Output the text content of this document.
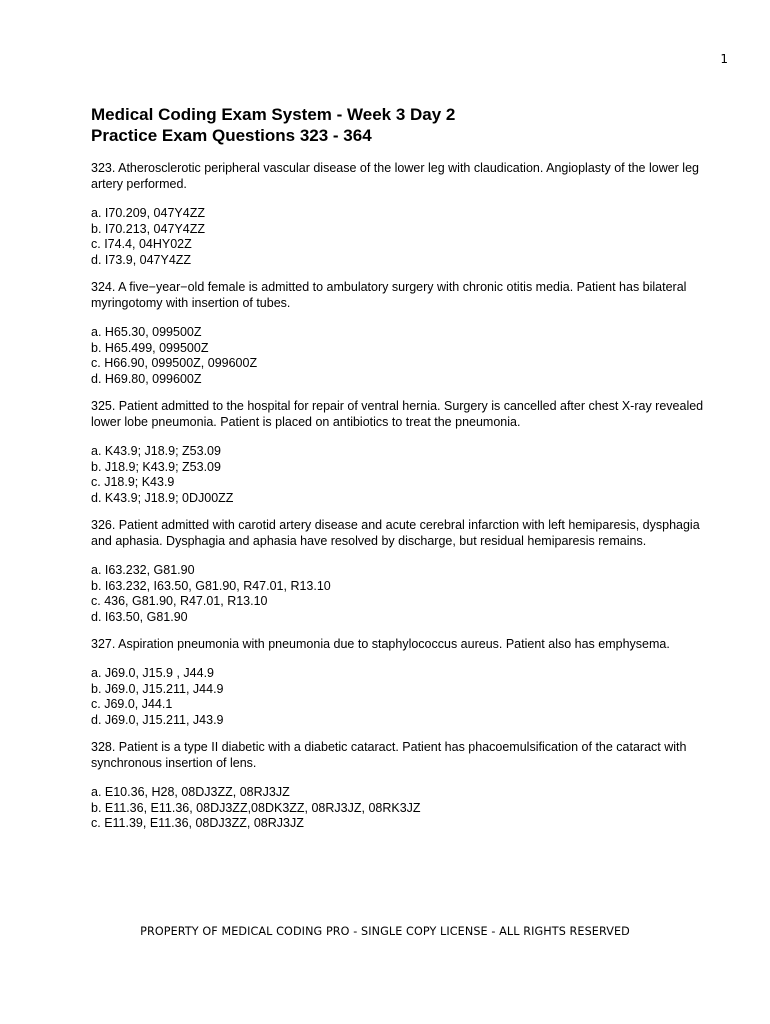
1
Medical Coding Exam System - Week 3 Day 2
Practice Exam Questions 323 - 364

323. Atherosclerotic peripheral vascular disease of the lower leg with claudication. Angioplasty of the lower leg artery performed.

a. I70.209, 047Y4ZZ
b. I70.213, 047Y4ZZ
c. I74.4, 04HY02Z
d. I73.9, 047Y4ZZ

324. A five−year−old female is admitted to ambulatory surgery with chronic otitis media. Patient has bilateral myringotomy with insertion of tubes.

a. H65.30, 099500Z
b. H65.499, 099500Z
c. H66.90, 099500Z, 099600Z
d. H69.80, 099600Z

325. Patient admitted to the hospital for repair of ventral hernia. Surgery is cancelled after chest X-ray revealed lower lobe pneumonia. Patient is placed on antibiotics to treat the pneumonia.

a. K43.9; J18.9; Z53.09
b. J18.9; K43.9; Z53.09
c. J18.9; K43.9
d. K43.9; J18.9; 0DJ00ZZ

326. Patient admitted with carotid artery disease and acute cerebral infarction with left hemiparesis, dysphagia and aphasia. Dysphagia and aphasia have resolved by discharge, but residual hemiparesis remains.

a. I63.232, G81.90
b. I63.232, I63.50, G81.90, R47.01, R13.10
c. 436, G81.90, R47.01, R13.10
d. I63.50, G81.90

327. Aspiration pneumonia with pneumonia due to staphylococcus aureus. Patient also has emphysema.

a. J69.0, J15.9 , J44.9
b. J69.0, J15.211, J44.9
c. J69.0, J44.1
d. J69.0, J15.211, J43.9

328. Patient is a type II diabetic with a diabetic cataract. Patient has phacoemulsification of the cataract with synchronous insertion of lens.

a. E10.36, H28, 08DJ3ZZ, 08RJ3JZ
b. E11.36, E11.36, 08DJ3ZZ,08DK3ZZ, 08RJ3JZ, 08RK3JZ
c. E11.39, E11.36, 08DJ3ZZ, 08RJ3JZ
PROPERTY OF MEDICAL CODING PRO - SINGLE COPY LICENSE - ALL RIGHTS RESERVED
